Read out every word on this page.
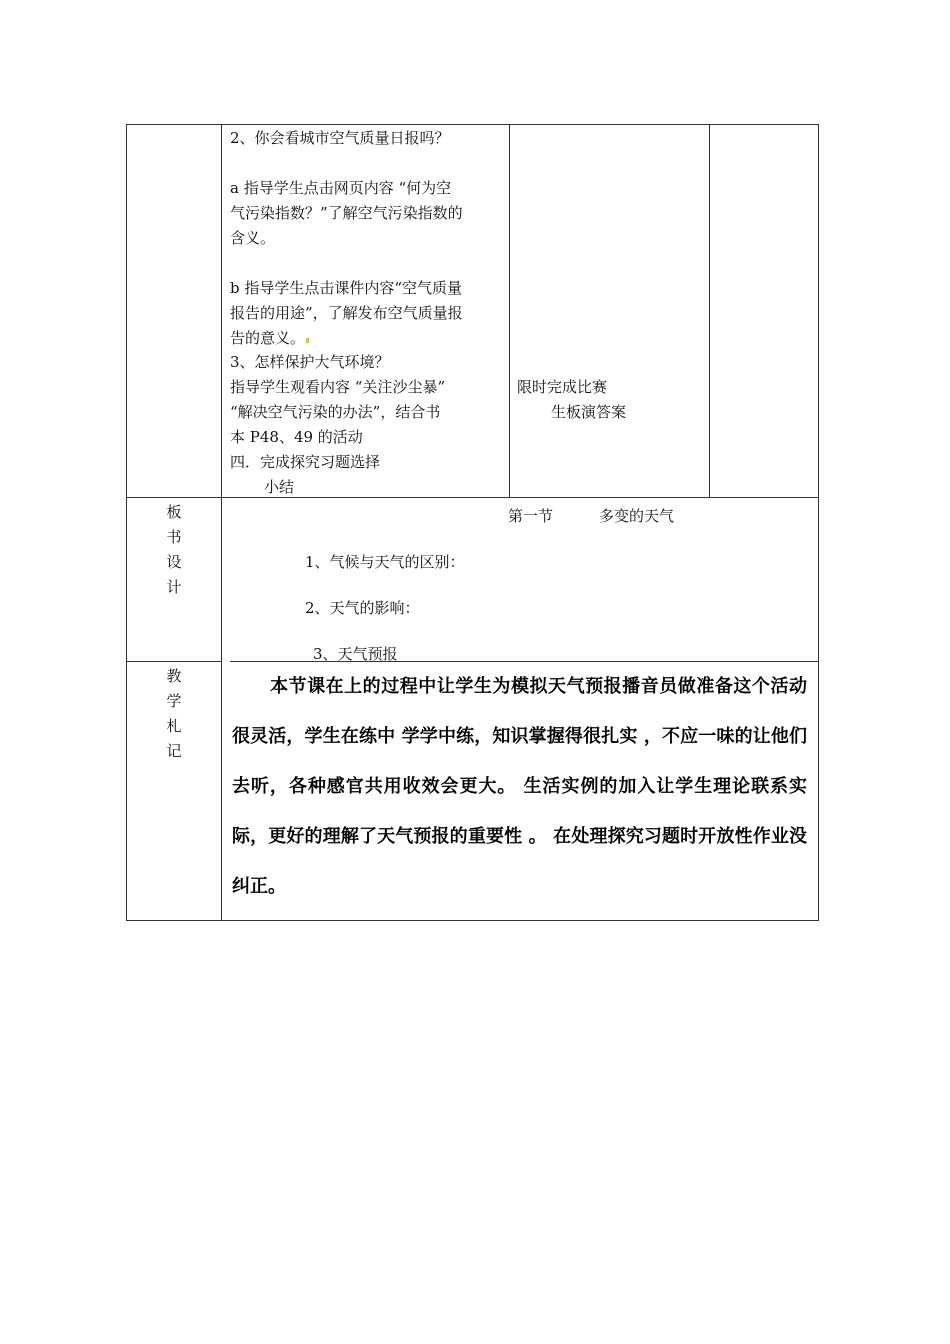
2、你会看城市空气质量日报吗？
a 指导学生点击网页内容 “何为空
气污染指数？”了解空气污染指数的
含义。
b 指导学生点击课件内容“空气质量
报告的用途”，了解发布空气质量报
告的意义。
3、怎样保护大气环境？
指导学生观看内容 “关注沙尘暴”
“解决空气污染的办法”，结合书
本 P48、49 的活动
四．完成探究习题选择
小结
限时完成比赛
生板演答案
板
书
设
计
第一节	多变的天气
1、气候与天气的区别：
2、天气的影响：
3、天气预报
教
学
札
记

本节课在上的过程中让学生为模拟天气预报播音员做准备这个活动很灵活，学生在练中 学学中练，知识掌握得很扎实 ，不应一味的让他们去听，各种感官共用收效会更大。 生活实例的加入让学生理论联系实际，更好的理解了天气预报的重要性 。 在处理探究习题时开放性作业没纠正。
